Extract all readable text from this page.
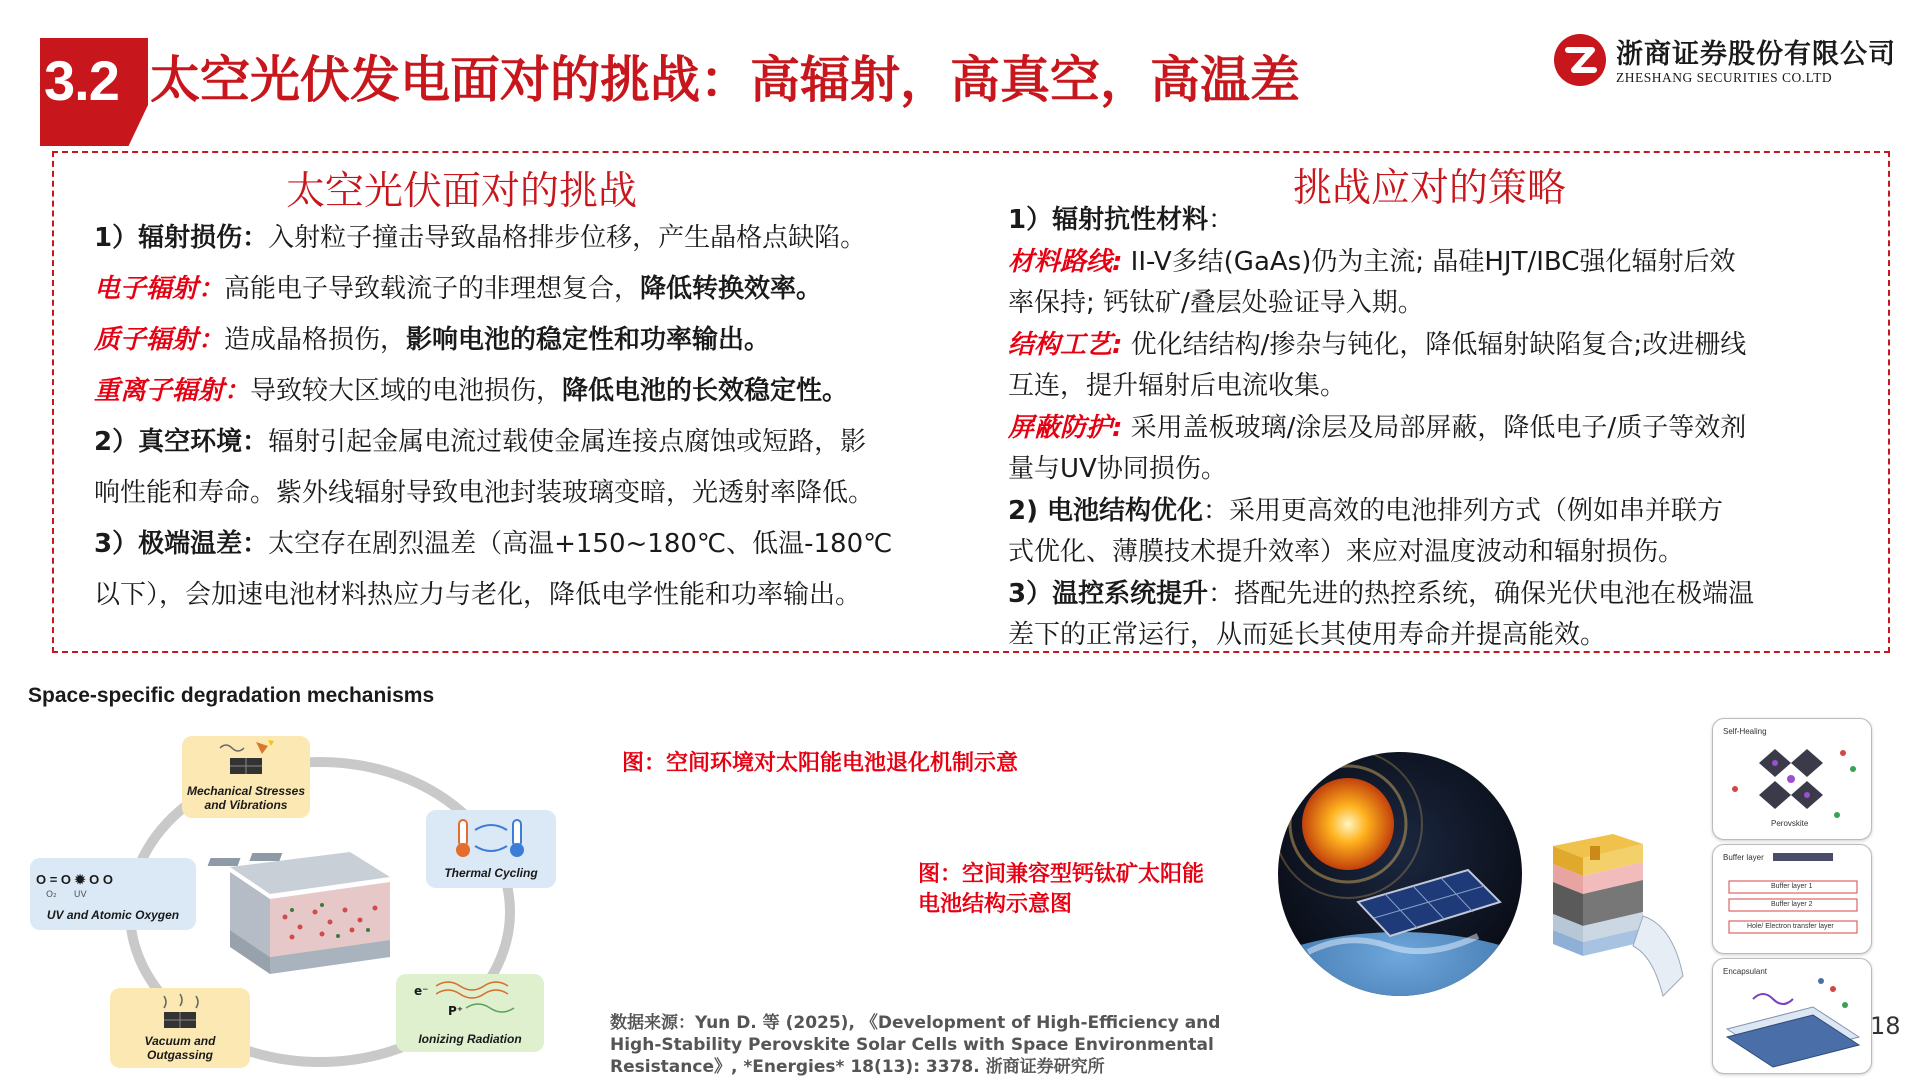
3.2 太空光伏发电面对的挑战：高辐射，高真空，高温差	浙商证券股份有限公司
ZHESHANG SECURITIES CO.LTD
太空光伏面对的挑战
1）辐射损伤：入射粒子撞击导致晶格排步位移，产生晶格点缺陷。
电子辐射：高能电子导致载流子的非理想复合，降低转换效率。
质子辐射：造成晶格损伤，影响电池的稳定性和功率输出。
重离子辐射：导致较大区域的电池损伤，降低电池的长效稳定性。
2）真空环境：辐射引起金属电流过载使金属连接点腐蚀或短路，影
响性能和寿命。紫外线辐射导致电池封装玻璃变暗，光透射率降低。
3）极端温差：太空存在剧烈温差（高温+150~180℃、低温-180℃
以下），会加速电池材料热应力与老化，降低电学性能和功率输出。
挑战应对的策略
1）辐射抗性材料：
材料路线: II-V多结(GaAs)仍为主流; 晶硅HJT/IBC强化辐射后效
率保持; 钙钛矿/叠层处验证导入期。
结构工艺: 优化结结构/掺杂与钝化，降低辐射缺陷复合;改进栅线
互连，提升辐射后电流收集。
屏蔽防护: 采用盖板玻璃/涂层及局部屏蔽，降低电子/质子等效剂
量与UV协同损伤。
2) 电池结构优化：采用更高效的电池排列方式（例如串并联方
式优化、薄膜技术提升效率）来应对温度波动和辐射损伤。
3）温控系统提升：搭配先进的热控系统，确保光伏电池在极端温
差下的正常运行，从而延长其使用寿命并提高能效。
Space-specific degradation mechanisms
Mechanical Stresses and Vibrations
Thermal Cycling
e⁻
P⁺
Ionizing Radiation
Vacuum and Outgassing
O = O ✹ O O
O₂      UV
UV and Atomic Oxygen
图：空间环境对太阳能电池退化机制示意
图：空间兼容型钙钛矿太阳能
电池结构示意图
Self-Healing
Perovskite
Buffer layer
Buffer layer 1
Buffer layer 2
Hole/ Electron transfer layer
Encapsulant
数据来源：Yun D. 等 (2025), 《Development of High-Efficiency and
High-Stability Perovskite Solar Cells with Space Environmental
Resistance》, *Energies* 18(13): 3378. 浙商证券研究所
18
